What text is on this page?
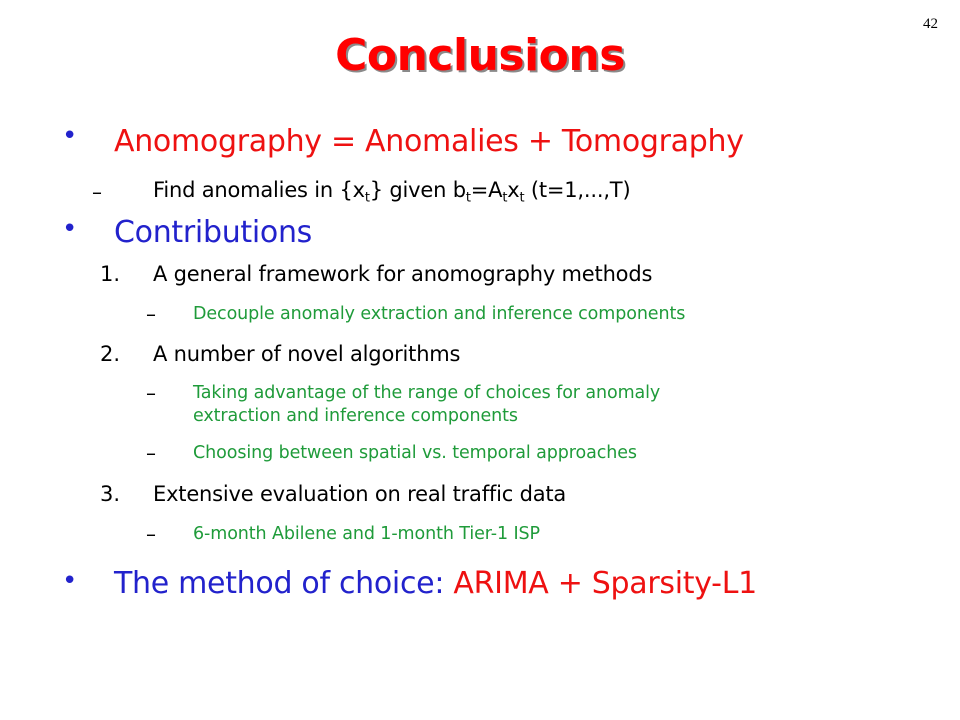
42
Conclusions
• Anomography = Anomalies + Tomography
– Find anomalies in $\{x_t\}$ given $b_t=A_tx_t$ (t=1,...,T)
• Contributions
1. A general framework for anomography methods
– Decouple anomaly extraction and inference components
2. A number of novel algorithms
– Taking advantage of the range of choices for anomaly
extraction and inference components
– Choosing between spatial vs. temporal approaches
3. Extensive evaluation on real traffic data
– 6-month Abilene and 1-month Tier-1 ISP
• The method of choice: ARIMA + Sparsity-L1
